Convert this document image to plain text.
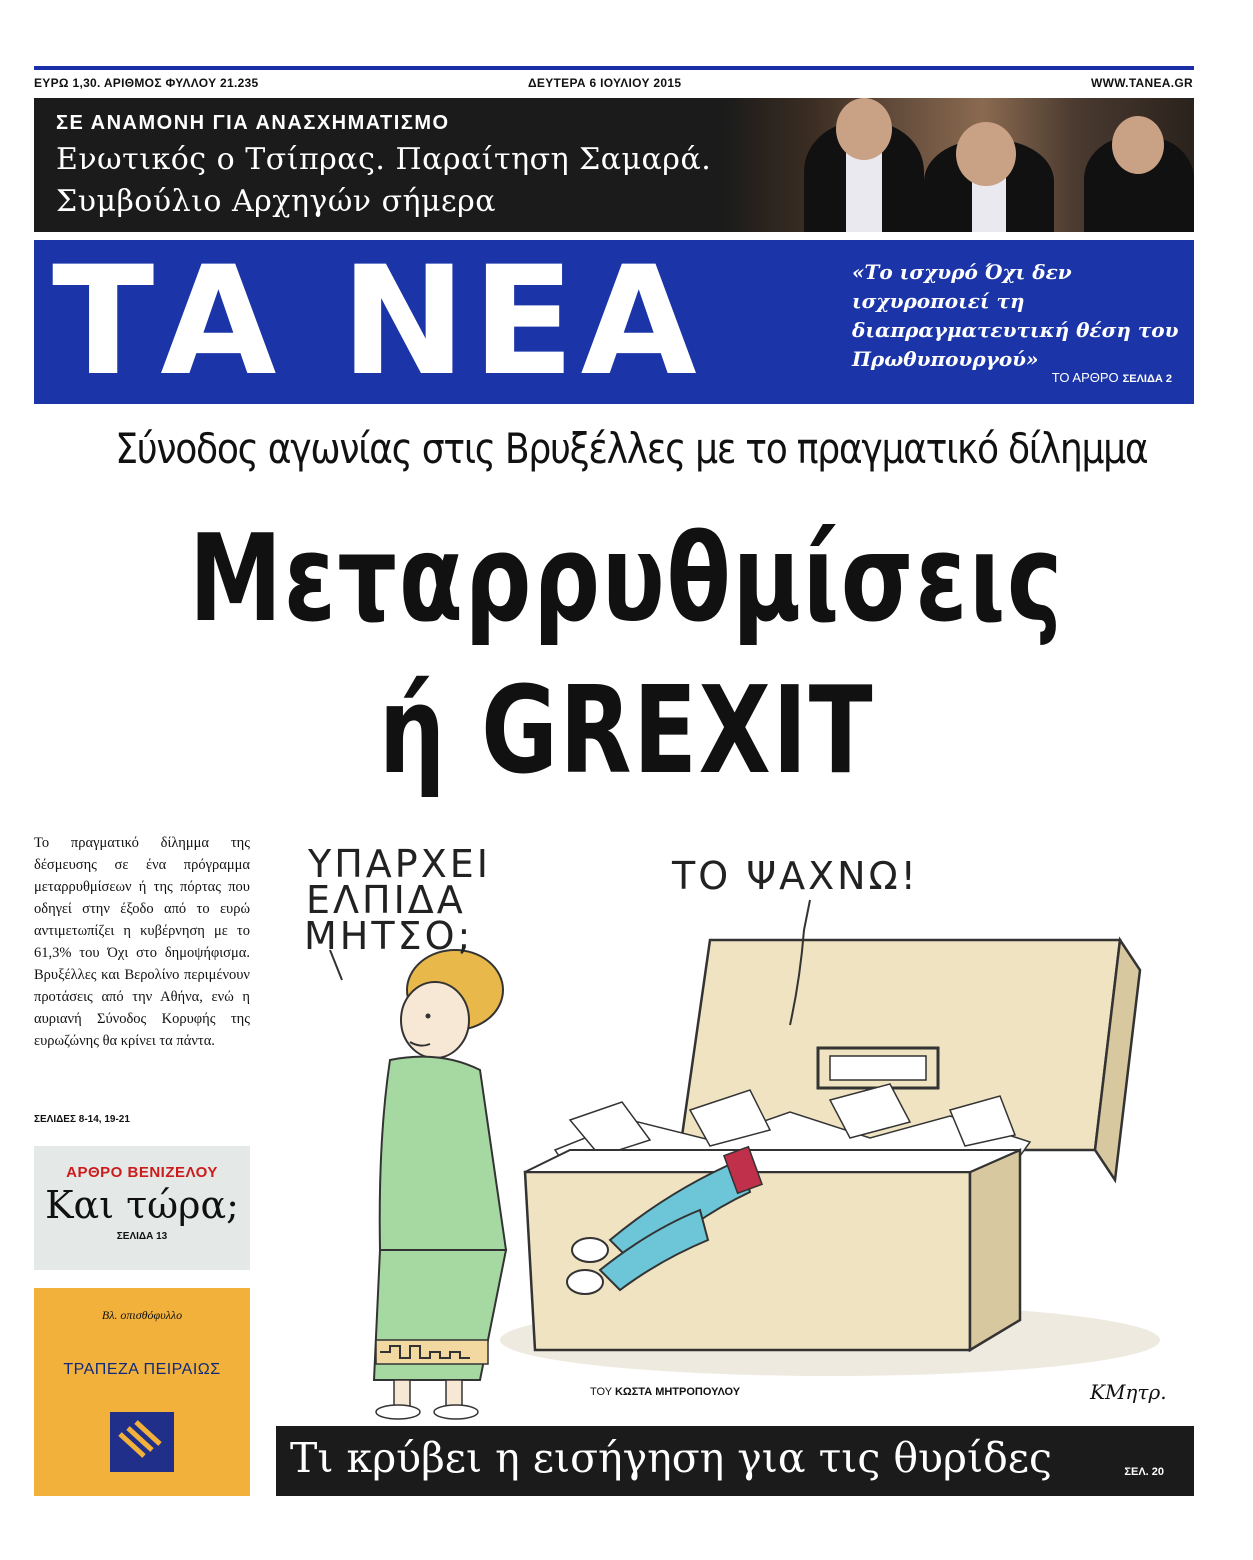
ΕΥΡΩ 1,30. ΑΡΙΘΜΟΣ ΦΥΛΛΟΥ 21.235	ΔΕΥΤΕΡΑ 6 ΙΟΥΛΙΟΥ 2015	WWW.TANEA.GR
ΣΕ ΑΝΑΜΟΝΗ ΓΙΑ ΑΝΑΣΧΗΜΑΤΙΣΜΟ
Ενωτικός ο Τσίπρας. Παραίτηση Σαμαρά.
Συμβούλιο Αρχηγών σήμερα
ΤΑ ΝΕΑ	«Το ισχυρό Όχι δεν ισχυροποιεί τη διαπραγματευτική θέση του Πρωθυπουργού»
ΤΟ ΑΡΘΡΟ ΣΕΛΙΔΑ 2
Σύνοδος αγωνίας στις Βρυξέλλες με το πραγματικό δίλημμα
Μεταρρυθμίσεις
ή GREXIT
Το πραγματικό δίλημμα της δέσμευσης σε ένα πρόγραμμα μεταρρυθμίσεων ή της πόρτας που οδηγεί στην έξοδο από το ευρώ αντιμετωπίζει η κυβέρνηση με το 61,3% του Όχι στο δημοψήφισμα. Βρυξέλλες και Βερολίνο περιμένουν προτάσεις από την Αθήνα, ενώ η αυριανή Σύνοδος Κορυφής της ευρωζώνης θα κρίνει τα πάντα.
ΣΕΛΙΔΕΣ 8-14, 19-21
ΑΡΘΡΟ ΒΕΝΙΖΕΛΟΥ
Και τώρα;
ΣΕΛΙΔΑ 13
Βλ. οπισθόφυλλο
ΤΡΑΠΕΖΑ ΠΕΙΡΑΙΩΣ
ΥΠΑΡΧΕΙ
ΕΛΠΙΔΑ
ΜΗΤΣΟ;
ΤΟ ΨΑΧΝΩ!
ΤΟΥ ΚΩΣΤΑ ΜΗΤΡΟΠΟΥΛΟΥ	ΚΜητρ.
Τι κρύβει η εισήγηση για τις θυρίδες	ΣΕΛ. 20
